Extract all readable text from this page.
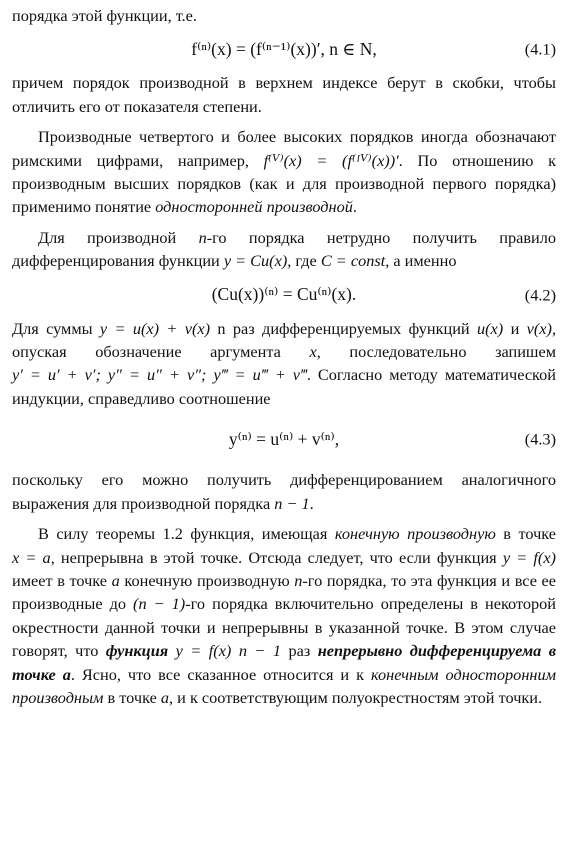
порядка этой функции, т.е.

f⁽ⁿ⁾(x) = (f⁽ⁿ⁻¹⁾(x))′, n ∈ N,	(4.1)

причем порядок производной в верхнем индексе берут в скобки, чтобы отличить его от показателя степени.

Производные четвертого и более высоких порядков иногда обозначают римскими цифрами, например, f⁽ⱽ⁾(x) = (f⁽ᴵⱽ⁾(x))′. По отношению к производным высших порядков (как и для производной первого порядка) применимо понятие односторонней производной.

Для производной n-го порядка нетрудно получить правило дифференцирования функции y = Cu(x), где C = const, а именно

(Cu(x))⁽ⁿ⁾ = Cu⁽ⁿ⁾(x).	(4.2)

Для суммы y = u(x) + v(x) n раз дифференцируемых функций u(x) и v(x), опуская обозначение аргумента x, последовательно запишем y′ = u′ + v′; y″ = u″ + v″; y‴ = u‴ + v‴. Согласно методу математической индукции, справедливо соотношение

y⁽ⁿ⁾ = u⁽ⁿ⁾ + v⁽ⁿ⁾,	(4.3)

поскольку его можно получить дифференцированием аналогичного выражения для производной порядка n − 1.

В силу теоремы 1.2 функция, имеющая конечную производную в точке x = a, непрерывна в этой точке. Отсюда следует, что если функция y = f(x) имеет в точке a конечную производную n-го порядка, то эта функция и все ее производные до (n − 1)-го порядка включительно определены в некоторой окрестности данной точки и непрерывны в указанной точке. В этом случае говорят, что функция y = f(x) n − 1 раз непрерывно дифференцируема в точке a. Ясно, что все сказанное относится и к конечным односторонним производным в точке a, и к соответствующим полуокрестностям этой точки.
